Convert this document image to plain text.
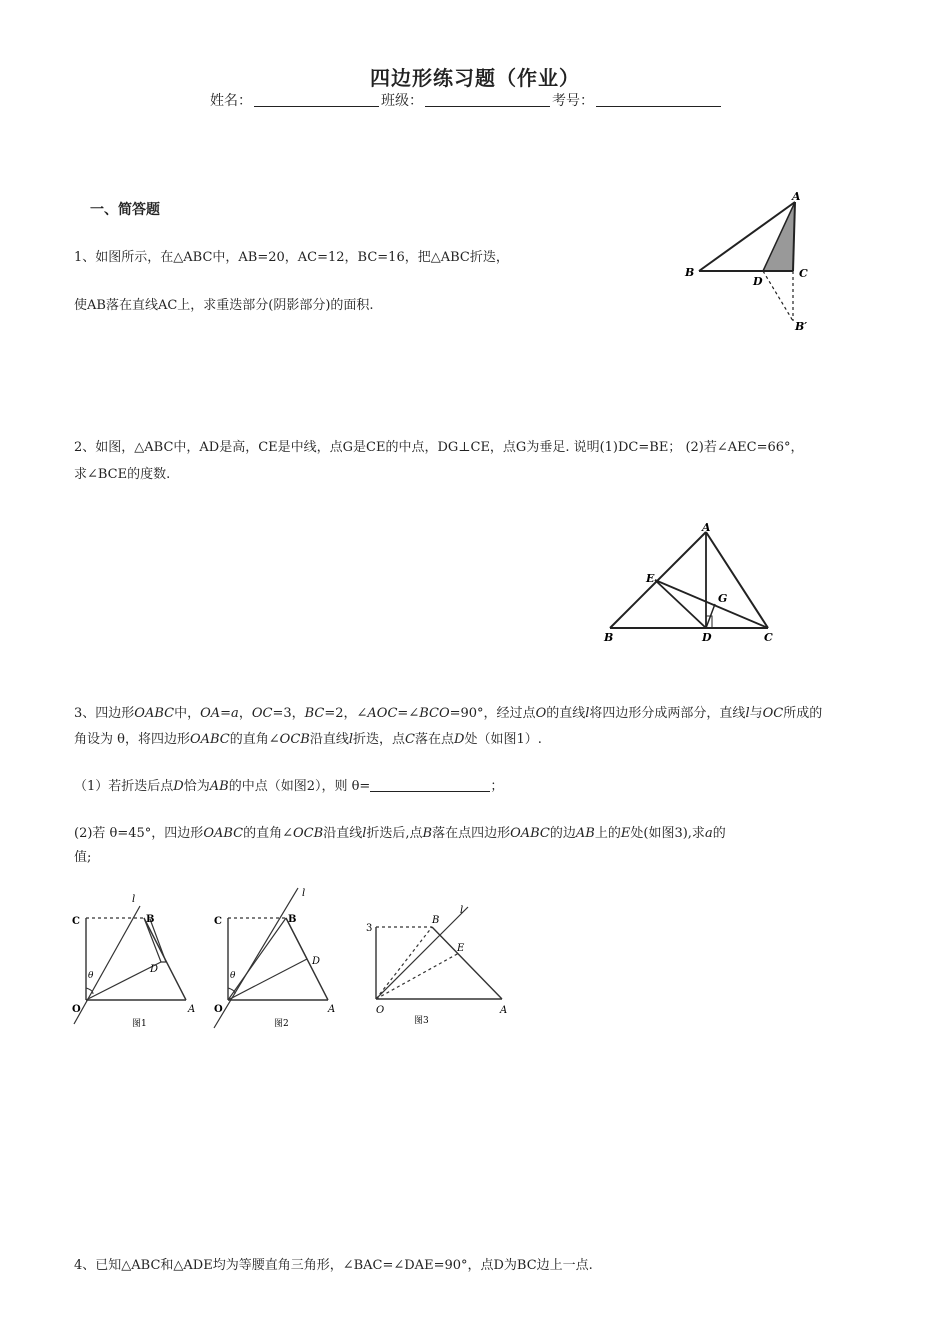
四边形练习题（作业）
姓名：	班级：	考号：
一、简答题
1、如图所示，在△ABC中，AB=20，AC=12，BC=16，把△ABC折迭，
使AB落在直线AC上，求重迭部分(阴影部分)的面积.
A
B	C
D
B′
2、如图，△ABC中，AD是高，CE是中线，点G是CE的中点，DG⊥CE，点G为垂足. 说明(1)DC=BE； (2)若∠AEC=66°，
求∠BCE的度数.
A
B	C
D
E
G
3、四边形OABC中，OA=a，OC=3，BC=2，∠AOC=∠BCO=90°，经过点O的直线l将四边形分成两部分，直线l与OC所成的
角设为 θ，将四边形OABC的直角∠OCB沿直线l折迭，点C落在点D处（如图1）.
（1）若折迭后点D恰为AB的中点（如图2），则 θ=	；
(2)若 θ=45°，四边形OABC的直角∠OCB沿直线l折迭后,点B落在点四边形OABC的边AB上的E处(如图3),求a的
值;
C	B
l
O	A
D
θ
图1
C	B
l
O	A
D
θ
图2
3
B
l
E
O	A
图3
4、已知△ABC和△ADE均为等腰直角三角形，∠BAC=∠DAE=90°，点D为BC边上一点.
